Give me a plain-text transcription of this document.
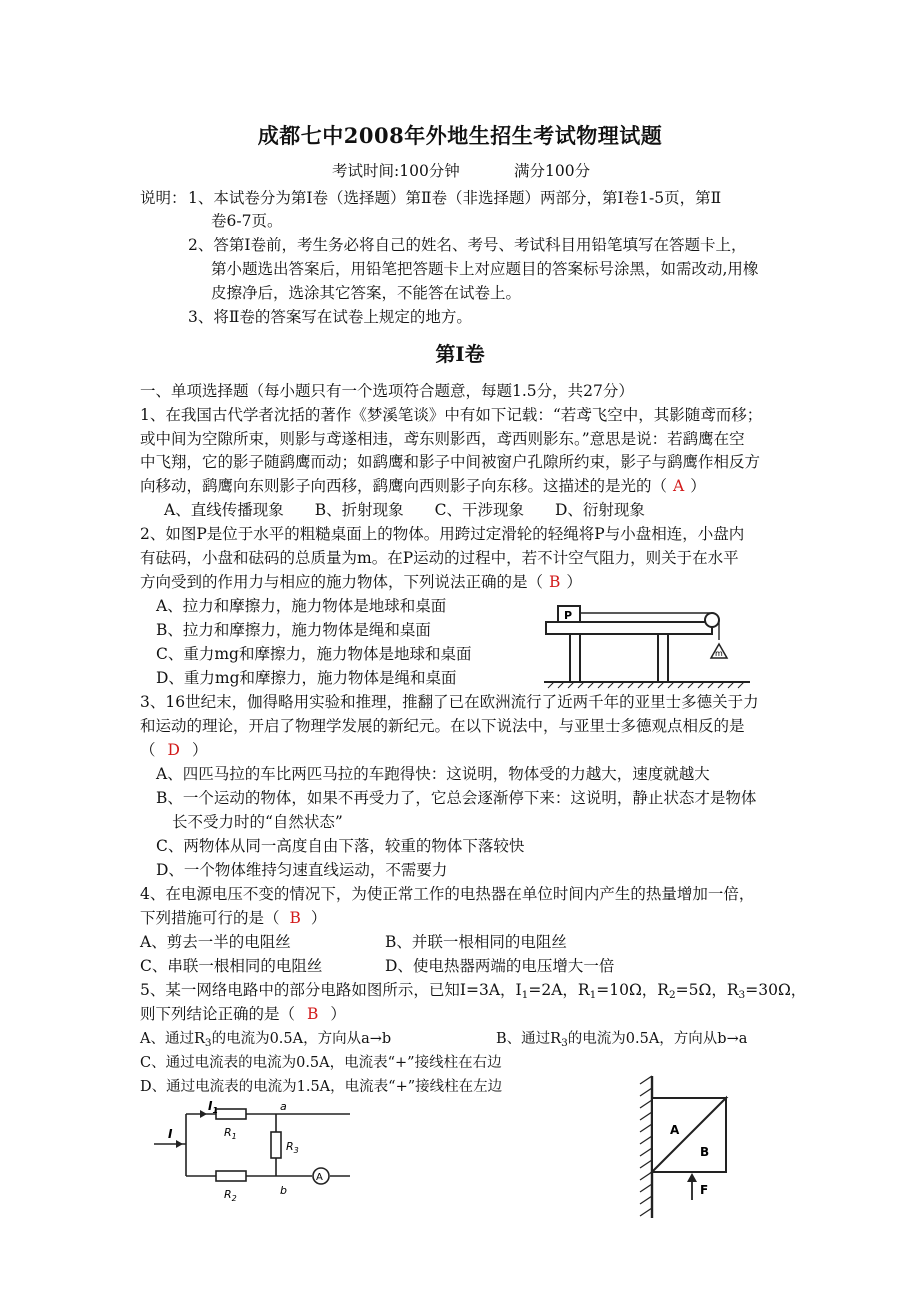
成都七中2008年外地生招生考试物理试题
考试时间:100分钟	满分100分
说明： 1、本试卷分为第Ⅰ卷（选择题）第Ⅱ卷（非选择题）两部分，第Ⅰ卷1-5页，第Ⅱ
卷6-7页。
2、答第Ⅰ卷前，考生务必将自己的姓名、考号、考试科目用铅笔填写在答题卡上，
第小题选出答案后，用铅笔把答题卡上对应题目的答案标号涂黑，如需改动,用橡
皮擦净后，选涂其它答案，不能答在试卷上。
3、将Ⅱ卷的答案写在试卷上规定的地方。
第Ⅰ卷
一、单项选择题（每小题只有一个选项符合题意，每题1.5分，共27分）
1、在我国古代学者沈括的著作《梦溪笔谈》中有如下记载：“若鸢飞空中，其影随鸢而移；
或中间为空隙所束，则影与鸢遂相违，鸢东则影西，鸢西则影东。”意思是说：若鹞鹰在空
中飞翔，它的影子随鹞鹰而动；如鹞鹰和影子中间被窗户孔隙所约束，影子与鹞鹰作相反方
向移动，鹞鹰向东则影子向西移，鹞鹰向西则影子向东移。这描述的是光的（ A ）
A、直线传播现象　　B、折射现象　　C、干涉现象　　D、衍射现象
2、如图P是位于水平的粗糙桌面上的物体。用跨过定滑轮的轻绳将P与小盘相连，小盘内
有砝码，小盘和砝码的总质量为m。在P运动的过程中，若不计空气阻力，则关于在水平
方向受到的作用力与相应的施力物体，下列说法正确的是（ B ）
A、拉力和摩擦力，施力物体是地球和桌面
B、拉力和摩擦力，施力物体是绳和桌面
C、重力mg和摩擦力，施力物体是地球和桌面
D、重力mg和摩擦力，施力物体是绳和桌面
P
m
3、16世纪末，伽得略用实验和推理，推翻了已在欧洲流行了近两千年的亚里士多德关于力
和运动的理论，开启了物理学发展的新纪元。在以下说法中，与亚里士多德观点相反的是
（ D ）
A、四匹马拉的车比两匹马拉的车跑得快：这说明，物体受的力越大，速度就越大
B、一个运动的物体，如果不再受力了，它总会逐渐停下来：这说明，静止状态才是物体
长不受力时的“自然状态”
C、两物体从同一高度自由下落，较重的物体下落较快
D、一个物体维持匀速直线运动，不需要力
4、在电源电压不变的情况下，为使正常工作的电热器在单位时间内产生的热量增加一倍，
下列措施可行的是（ B ）
A、剪去一半的电阻丝	B、并联一根相同的电阻丝
C、串联一根相同的电阻丝	D、使电热器两端的电压增大一倍
5、某一网络电路中的部分电路如图所示，已知I=3A，$I_1=2A$，$R_1=10\Omega$，$R_2=5\Omega$，$R_3=30\Omega$，
则下列结论正确的是（ B ）
A、通过$R_3$的电流为0.5A，方向从a→b	B、通过$R_3$的电流为0.5A，方向从b→a
C、通过电流表的电流为0.5A，电流表“+”接线柱在右边
D、通过电流表的电流为1.5A，电流表“+”接线柱在左边
A
I
$I_1$
$R_1$
$R_2$
$R_3$
a
b
A
B
F
